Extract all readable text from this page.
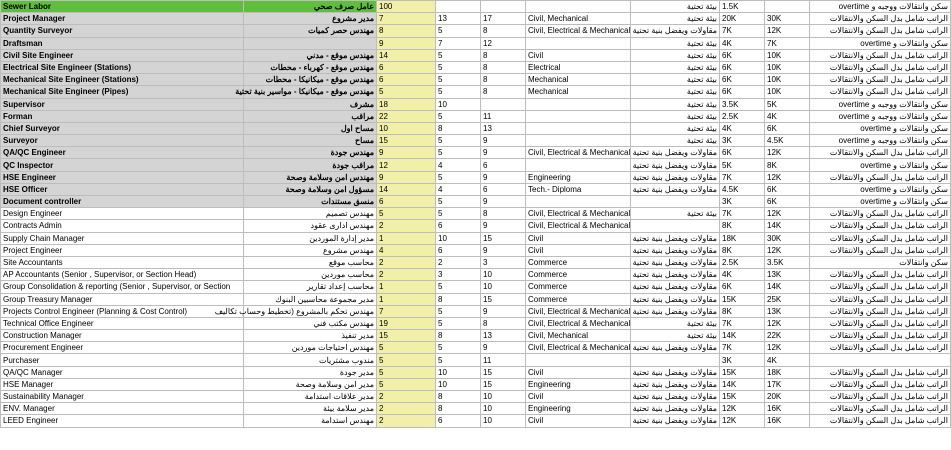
Sewer Labor	عامل صرف صحي	100				بيئة تحتية	1.5K		سكن وانتقالات ووجبه و overtime
Project Manager	مدير مشروع	7	13	17	Civil, Mechanical	بيئة تحتية	20K	30K	الراتب شامل بدل السكن والانتقالات
Quantity Surveyor	مهندس حصر كميات	8	5	8	Civil, Electrical & Mechanical	مقاولات ويفضل بنية تحتية	7K	12K	الراتب شامل بدل السكن والانتقالات
Draftsman		9	7	12		بيئة تحتية	4K	7K	سكن وانتقالات و overtime
Civil Site Engineer	مهندس موقع - مدني	14	5	8	Civil	بيئة تحتية	6K	10K	الراتب شامل بدل السكن والانتقالات
Electrical Site Engineer (Stations)	مهندس موقع - كهرباء - محطات	6	5	8	Electrical	بيئة تحتية	6K	10K	الراتب شامل بدل السكن والانتقالات
Mechanical Site Engineer (Stations)	مهندس موقع - ميكانيكا - محطات	6	5	8	Mechanical	بيئة تحتية	6K	10K	الراتب شامل بدل السكن والانتقالات
Mechanical Site Engineer (Pipes)	مهندس موقع - ميكانيكا - مواسير بنية تحتية	5	5	8	Mechanical	بيئة تحتية	6K	10K	الراتب شامل بدل السكن والانتقالات
Supervisor	مشرف	18	10			بيئة تحتية	3.5K	5K	سكن وانتقالات ووجبه و overtime
Forman	مراقب	22	5	11		بيئة تحتية	2.5K	4K	سكن وانتقالات ووجبه و overtime
Chief Surveyor	مساح اول	10	8	13		بيئة تحتية	4K	6K	سكن وانتقالات و overtime
Surveyor	مساح	15	5	9		بيئة تحتية	3K	4.5K	سكن وانتقالات ووجبه و overtime
QA/QC Engineer	مهندس جودة	9	5	9	Civil, Electrical & Mechanical	مقاولات ويفضل بنية تحتية	6K	12K	الراتب شامل بدل السكن والانتقالات
QC Inspector	مراقب جودة	12	4	6		مقاولات ويفضل بنية تحتية	5K	8K	سكن وانتقالات و overtime
HSE Engineer	مهندس امن وسلامة وصحة	9	5	9	Engineering	مقاولات ويفضل بنية تحتية	7K	12K	الراتب شامل بدل السكن والانتقالات
HSE Officer	مسؤول امن وسلامة وصحة	14	4	6	Tech.- Diploma	مقاولات ويفضل بنية تحتية	4.5K	6K	سكن وانتقالات و overtime
Document controller	منسق مستندات	6	5	9			3K	6K	سكن وانتقالات و overtime
Design Engineer	مهندس تصميم	5	5	8	Civil, Electrical & Mechanical	بيئة تحتية	7K	12K	الراتب شامل بدل السكن والانتقالات
Contracts Admin	مهندس ادارى عقود	2	6	9	Civil, Electrical & Mechanical		8K	14K	الراتب شامل بدل السكن والانتقالات
Supply Chain Manager	مدير إدارة الموردين	1	10	15	Civil	مقاولات ويفضل بنية تحتية	18K	30K	الراتب شامل بدل السكن والانتقالات
Project Engineer	مهندس مشروع	4	6	9	Civil	مقاولات ويفضل بنية تحتية	8K	12K	الراتب شامل بدل السكن والانتقالات
Site Accountants	محاسب موقع	2	2	3	Commerce	مقاولات ويفضل بنية تحتية	2.5K	3.5K	سكن وانتقالات
AP Accountants (Senior , Supervisor, or Section Head)	محاسب موردين	2	3	10	Commerce	مقاولات ويفضل بنية تحتية	4K	13K	الراتب شامل بدل السكن والانتقالات
Group Consolidation & reporting (Senior , Supervisor, or Section	محاسب إعداد تقارير	1	5	10	Commerce	مقاولات ويفضل بنية تحتية	6K	14K	الراتب شامل بدل السكن والانتقالات
Group Treasury Manager	مدير مجموعة محاسبين البنوك	1	8	15	Commerce	مقاولات ويفضل بنية تحتية	15K	25K	الراتب شامل بدل السكن والانتقالات
Projects Control Engineer (Planning & Cost Control)	مهندس تحكم بالمشروع (تخطيط وحساب تكاليف	7	5	9	Civil, Electrical & Mechanical	مقاولات ويفضل بنية تحتية	8K	13K	الراتب شامل بدل السكن والانتقالات
Technical Office Engineer	مهندس مكتب فني	19	5	8	Civil, Electrical & Mechanical	بيئة تحتية	7K	12K	الراتب شامل بدل السكن والانتقالات
Construction Manager	مدير تنفيذ	15	8	13	Civil, Mechanical	بيئة تحتية	14K	22K	الراتب شامل بدل السكن والانتقالات
Procurement Engineer	مهندس احتياجات موردين	5	5	9	Civil, Electrical & Mechanical	مقاولات ويفضل بنية تحتية	7K	12K	الراتب شامل بدل السكن والانتقالات
Purchaser	مندوب مشتريات	5	5	11			3K	4K	
QA/QC Manager	مدير جودة	5	10	15	Civil	مقاولات ويفضل بنية تحتية	15K	18K	الراتب شامل بدل السكن والانتقالات
HSE Manager	مدير امن وسلامة وصحة	5	10	15	Engineering	مقاولات ويفضل بنية تحتية	14K	17K	الراتب شامل بدل السكن والانتقالات
Sustainability Manager	مدير علاقات استدامة	2	8	10	Civil	مقاولات ويفضل بنية تحتية	15K	20K	الراتب شامل بدل السكن والانتقالات
ENV. Manager	مدير سلامة بيئة	2	8	10	Engineering	مقاولات ويفضل بنية تحتية	12K	16K	الراتب شامل بدل السكن والانتقالات
LEED Engineer	مهندس استدامة	2	6	10	Civil	مقاولات ويفضل بنية تحتية	12K	16K	الراتب شامل بدل السكن والانتقالات
